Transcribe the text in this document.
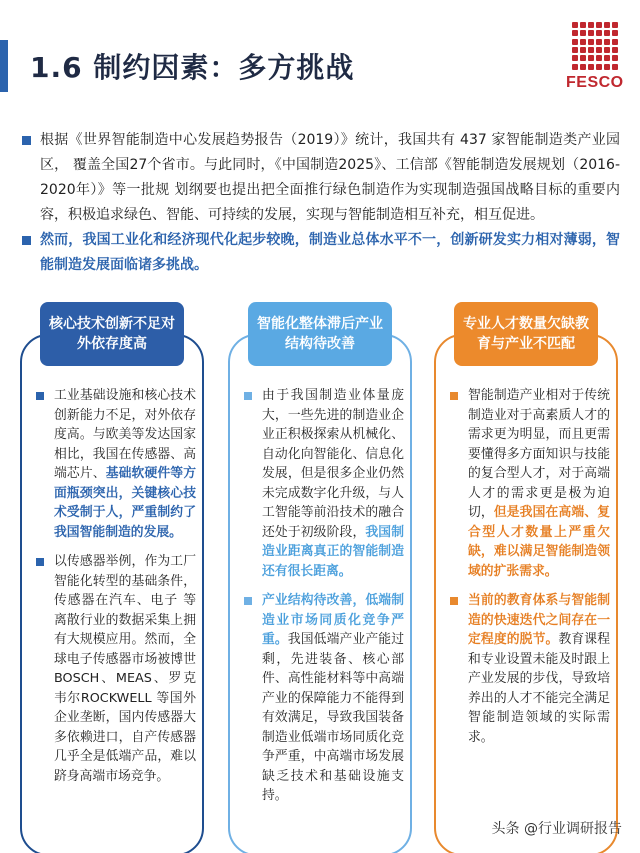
1.6 制约因素：多方挑战	FESCO
根据《世界智能制造中心发展趋势报告（2019）》统计，我国共有 437 家智能制造类产业园区， 覆盖全国27个省市。与此同时，《中国制造2025》、工信部《智能制造发展规划（2016-2020年）》等一批规 划纲要也提出把全面推行绿色制造作为实现制造强国战略目标的重要内容，积极追求绿色、智能、可持续的发展，实现与智能制造相互补充，相互促进。
然而，我国工业化和经济现代化起步较晚，制造业总体水平不一，创新研发实力相对薄弱，智能制造发展面临诸多挑战。
核心技术创新不足对外依存度高
工业基础设施和核心技术创新能力不足，对外依存度高。与欧美等发达国家相比，我国在传感器、高端芯片、基础软硬件等方面瓶颈突出，关键核心技术受制于人，严重制约了我国智能制造的发展。
以传感器举例，作为工厂智能化转型的基础条件，传感器在汽车、电子 等离散行业的数据采集上拥有大规模应用。然而，全球电子传感器市场被博世 BOSCH、MEAS、罗克韦尔ROCKWELL 等国外企业垄断，国内传感器大多依赖进口，自产传感器几乎全是低端产品，难以跻身高端市场竞争。
智能化整体滞后产业结构待改善
由于我国制造业体量庞大，一些先进的制造业企业正积极探索从机械化、自动化向智能化、信息化发展，但是很多企业仍然未完成数字化升级，与人工智能等前沿技术的融合还处于初级阶段，我国制造业距离真正的智能制造还有很长距离。
产业结构待改善，低端制造业市场同质化竞争严重。我国低端产业产能过剩，先进装备、核心部件、高性能材料等中高端产业的保障能力不能得到有效满足，导致我国装备制造业低端市场同质化竞争严重，中高端市场发展缺乏技术和基础设施支持。
专业人才数量欠缺教育与产业不匹配
智能制造产业相对于传统制造业对于高素质人才的需求更为明显，而且更需要懂得多方面知识与技能的复合型人才，对于高端人才的需求更是极为迫切，但是我国在高端、复合型人才数量上严重欠缺，难以满足智能制造领域的扩张需求。
当前的教育体系与智能制造的快速迭代之间存在一定程度的脱节。教育课程和专业设置未能及时跟上产业发展的步伐，导致培养出的人才不能完全满足智能制造领域的实际需求。
头条 @行业调研报告
